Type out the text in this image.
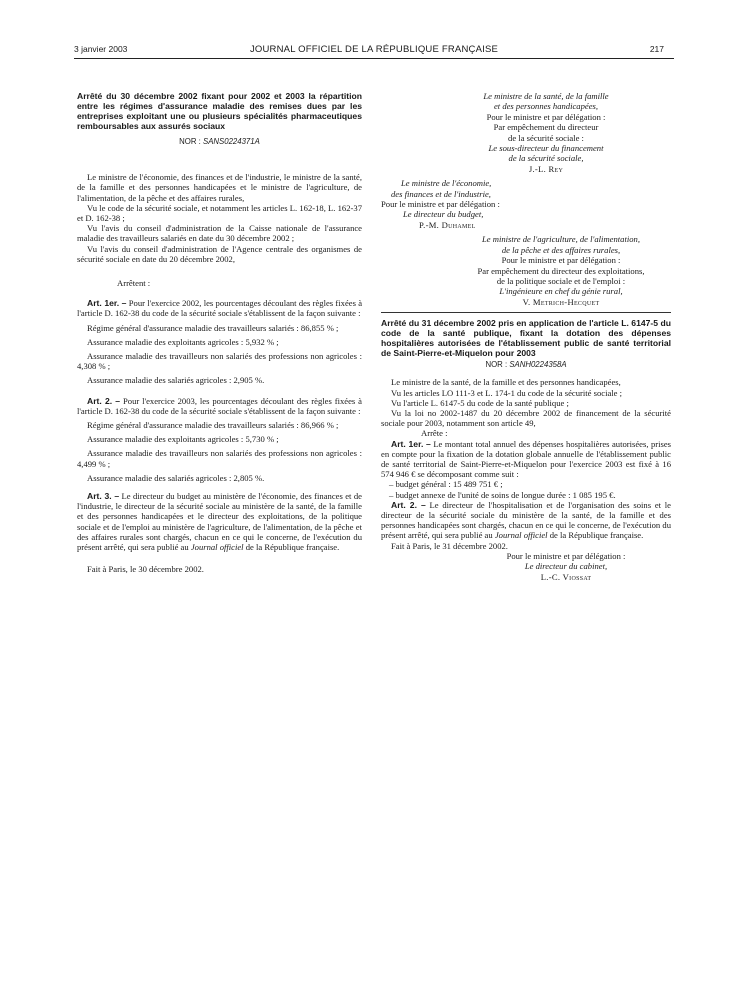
3 janvier 2003	JOURNAL OFFICIEL DE LA RÉPUBLIQUE FRANÇAISE	217
Arrêté du 30 décembre 2002 fixant pour 2002 et 2003 la répartition entre les régimes d'assurance maladie des remises dues par les entreprises exploitant une ou plusieurs spécialités pharmaceutiques remboursables aux assurés sociaux
NOR : SANS0224371A

Le ministre de l'économie, des finances et de l'industrie, le ministre de la santé, de la famille et des personnes handicapées et le ministre de l'agriculture, de l'alimentation, de la pêche et des affaires rurales,

Vu le code de la sécurité sociale, et notamment les articles L. 162-18, L. 162-37 et D. 162-38 ;

Vu l'avis du conseil d'administration de la Caisse nationale de l'assurance maladie des travailleurs salariés en date du 30 décembre 2002 ;

Vu l'avis du conseil d'administration de l'Agence centrale des organismes de sécurité sociale en date du 20 décembre 2002,

Arrêtent :

Art. 1er. – Pour l'exercice 2002, les pourcentages découlant des règles fixées à l'article D. 162-38 du code de la sécurité sociale s'établissent de la façon suivante :

Régime général d'assurance maladie des travailleurs salariés : 86,855 % ;

Assurance maladie des exploitants agricoles : 5,932 % ;

Assurance maladie des travailleurs non salariés des professions non agricoles : 4,308 % ;

Assurance maladie des salariés agricoles : 2,905 %.

Art. 2. – Pour l'exercice 2003, les pourcentages découlant des règles fixées à l'article D. 162-38 du code de la sécurité sociale s'établissent de la façon suivante :

Régime général d'assurance maladie des travailleurs salariés : 86,966 % ;

Assurance maladie des exploitants agricoles : 5,730 % ;

Assurance maladie des travailleurs non salariés des professions non agricoles : 4,499 % ;

Assurance maladie des salariés agricoles : 2,805 %.

Art. 3. – Le directeur du budget au ministère de l'économie, des finances et de l'industrie, le directeur de la sécurité sociale au ministère de la santé, de la famille et des personnes handicapées et le directeur des exploitations, de la politique sociale et de l'emploi au ministère de l'agriculture, de l'alimentation, de la pêche et des affaires rurales sont chargés, chacun en ce qui le concerne, de l'exécution du présent arrêté, qui sera publié au Journal officiel de la République française.

Fait à Paris, le 30 décembre 2002.

Le ministre de la santé, de la famille
et des personnes handicapées,
Pour le ministre et par délégation :
Par empêchement du directeur
de la sécurité sociale :
Le sous-directeur du financement
de la sécurité sociale,
J.-L. Rey
Le ministre de l'économie,
des finances et de l'industrie,
Pour le ministre et par délégation :
Le directeur du budget,
P.-M. Duhamel
Le ministre de l'agriculture, de l'alimentation,
de la pêche et des affaires rurales,
Pour le ministre et par délégation :
Par empêchement du directeur des exploitations,
de la politique sociale et de l'emploi :
L'ingénieure en chef du génie rural,
V. Metrich-Hecquet
Arrêté du 31 décembre 2002 pris en application de l'article L. 6147-5 du code de la santé publique, fixant la dotation des dépenses hospitalières autorisées de l'établissement public de santé territorial de Saint-Pierre-et-Miquelon pour 2003
NOR : SANH0224358A

Le ministre de la santé, de la famille et des personnes handicapées,

Vu les articles LO 111-3 et L. 174-1 du code de la sécurité sociale ;

Vu l'article L. 6147-5 du code de la santé publique ;

Vu la loi no 2002-1487 du 20 décembre 2002 de financement de la sécurité sociale pour 2003, notamment son article 49,

Arrête :

Art. 1er. – Le montant total annuel des dépenses hospitalières autorisées, prises en compte pour la fixation de la dotation globale annuelle de l'établissement public de santé territorial de Saint-Pierre-et-Miquelon pour l'exercice 2003 est fixé à 16 574 946 € se décomposant comme suit :

– budget général : 15 489 751 € ;

– budget annexe de l'unité de soins de longue durée : 1 085 195 €.

Art. 2. – Le directeur de l'hospitalisation et de l'organisation des soins et le directeur de la sécurité sociale du ministère de la santé, de la famille et des personnes handicapées sont chargés, chacun en ce qui le concerne, de l'exécution du présent arrêté, qui sera publié au Journal officiel de la République française.

Fait à Paris, le 31 décembre 2002.

Pour le ministre et par délégation :
Le directeur du cabinet,
L.-C. Viossat
